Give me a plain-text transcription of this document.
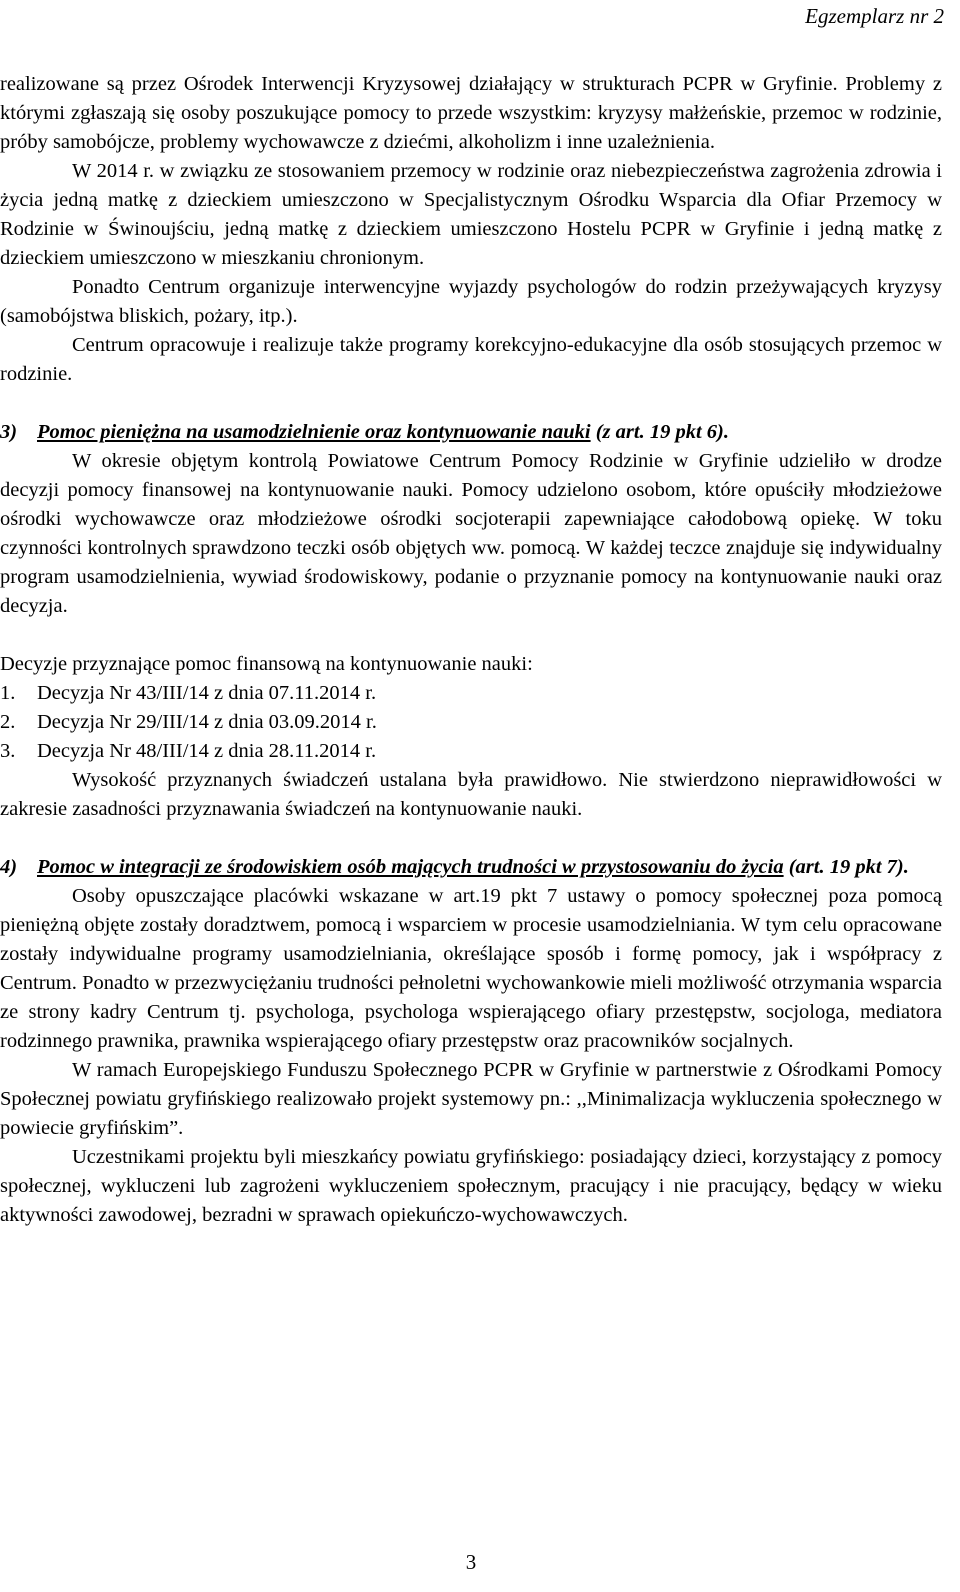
Egzemplarz nr 2

realizowane są przez Ośrodek Interwencji Kryzysowej działający w strukturach PCPR w Gryfinie. Problemy z którymi zgłaszają się osoby poszukujące pomocy to przede wszystkim: kryzysy małżeńskie, przemoc w rodzinie, próby samobójcze, problemy wychowawcze z dziećmi, alkoholizm i inne uzależnienia.

W 2014 r. w związku ze stosowaniem przemocy w rodzinie oraz niebezpieczeństwa zagrożenia zdrowia i życia jedną matkę z dzieckiem umieszczono w Specjalistycznym Ośrodku Wsparcia dla Ofiar Przemocy w Rodzinie w Świnoujściu, jedną matkę z dzieckiem umieszczono Hostelu PCPR w Gryfinie i jedną matkę z dzieckiem umieszczono w mieszkaniu chronionym.

Ponadto Centrum organizuje interwencyjne wyjazdy psychologów do rodzin przeżywających kryzysy (samobójstwa bliskich, pożary, itp.).

Centrum opracowuje i realizuje także programy korekcyjno-edukacyjne dla osób stosujących przemoc w rodzinie.

3) Pomoc pieniężna na usamodzielnienie oraz kontynuowanie nauki (z art. 19 pkt 6).

W okresie objętym kontrolą Powiatowe Centrum Pomocy Rodzinie w Gryfinie udzieliło w drodze decyzji pomocy finansowej na kontynuowanie nauki. Pomocy udzielono osobom, które opuściły młodzieżowe ośrodki wychowawcze oraz młodzieżowe ośrodki socjoterapii zapewniające całodobową opiekę. W toku czynności kontrolnych sprawdzono teczki osób objętych ww. pomocą. W każdej teczce znajduje się indywidualny program usamodzielnienia, wywiad środowiskowy, podanie o przyznanie pomocy na kontynuowanie nauki oraz decyzja.

Decyzje przyznające pomoc finansową na kontynuowanie nauki:

1.	Decyzja Nr 43/III/14 z dnia 07.11.2014 r.
2.	Decyzja Nr 29/III/14 z dnia 03.09.2014 r.
3.	Decyzja Nr 48/III/14 z dnia 28.11.2014 r.

Wysokość przyznanych świadczeń ustalana była prawidłowo. Nie stwierdzono nieprawidłowości w zakresie zasadności przyznawania świadczeń na kontynuowanie nauki.

4) Pomoc w integracji ze środowiskiem osób mających trudności w przystosowaniu do życia (art. 19 pkt 7).

Osoby opuszczające placówki wskazane w art.19 pkt 7 ustawy o pomocy społecznej poza pomocą pieniężną objęte zostały doradztwem, pomocą i wsparciem w procesie usamodzielniania. W tym celu opracowane zostały indywidualne programy usamodzielniania, określające sposób i formę pomocy, jak i współpracy z Centrum. Ponadto w przezwyciężaniu trudności pełnoletni wychowankowie mieli możliwość otrzymania wsparcia ze strony kadry Centrum tj. psychologa, psychologa wspierającego ofiary przestępstw, socjologa, mediatora rodzinnego prawnika, prawnika wspierającego ofiary przestępstw oraz pracowników socjalnych.

W ramach Europejskiego Funduszu Społecznego PCPR w Gryfinie w partnerstwie z Ośrodkami Pomocy Społecznej powiatu gryfińskiego realizowało projekt systemowy pn.: ,,Minimalizacja wykluczenia społecznego w powiecie gryfińskim”.

Uczestnikami projektu byli mieszkańcy powiatu gryfińskiego: posiadający dzieci, korzystający z pomocy społecznej, wykluczeni lub zagrożeni wykluczeniem społecznym, pracujący i nie pracujący, będący w wieku aktywności zawodowej, bezradni w sprawach opiekuńczo-wychowawczych.

3
